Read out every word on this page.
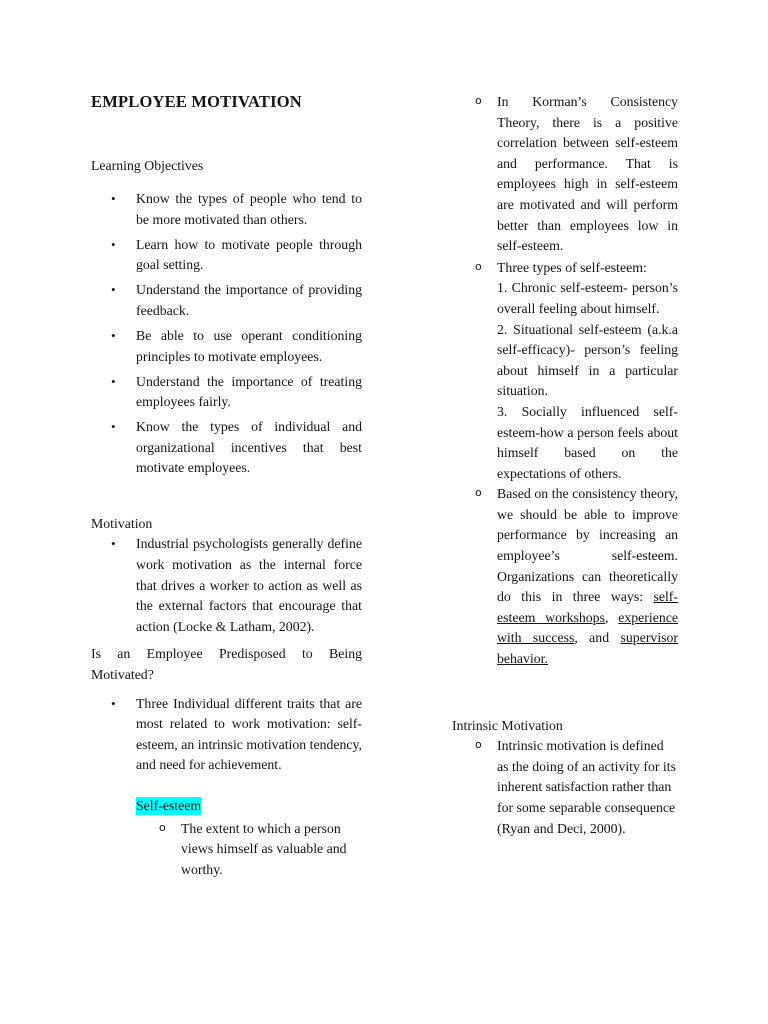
EMPLOYEE MOTIVATION

Learning Objectives

• Know the types of people who tend to be more motivated than others.
• Learn how to motivate people through goal setting.
• Understand the importance of providing feedback.
• Be able to use operant conditioning principles to motivate employees.
• Understand the importance of treating employees fairly.
• Know the types of individual and organizational incentives that best motivate employees.

Motivation

• Industrial psychologists generally define work motivation as the internal force that drives a worker to action as well as the external factors that encourage that action (Locke & Latham, 2002).

Is an Employee Predisposed to Being Motivated?

• Three Individual different traits that are most related to work motivation: self-esteem, an intrinsic motivation tendency, and need for achievement.
Self-esteem
o The extent to which a person views himself as valuable and worthy.
o In Korman’s Consistency Theory, there is a positive correlation between self-esteem and performance. That is employees high in self-esteem are motivated and will perform better than employees low in self-esteem.
o Three types of self-esteem:
1. Chronic self-esteem- person’s overall feeling about himself.
2. Situational self-esteem (a.k.a self-efficacy)- person’s feeling about himself in a particular situation.
3. Socially influenced self-esteem-how a person feels about himself based on the expectations of others.
o Based on the consistency theory, we should be able to improve performance by increasing an employee’s self-esteem. Organizations can theoretically do this in three ways: self-esteem workshops, experience with success, and supervisor behavior.

Intrinsic Motivation

o Intrinsic motivation is defined as the doing of an activity for its inherent satisfaction rather than for some separable consequence (Ryan and Deci, 2000).
